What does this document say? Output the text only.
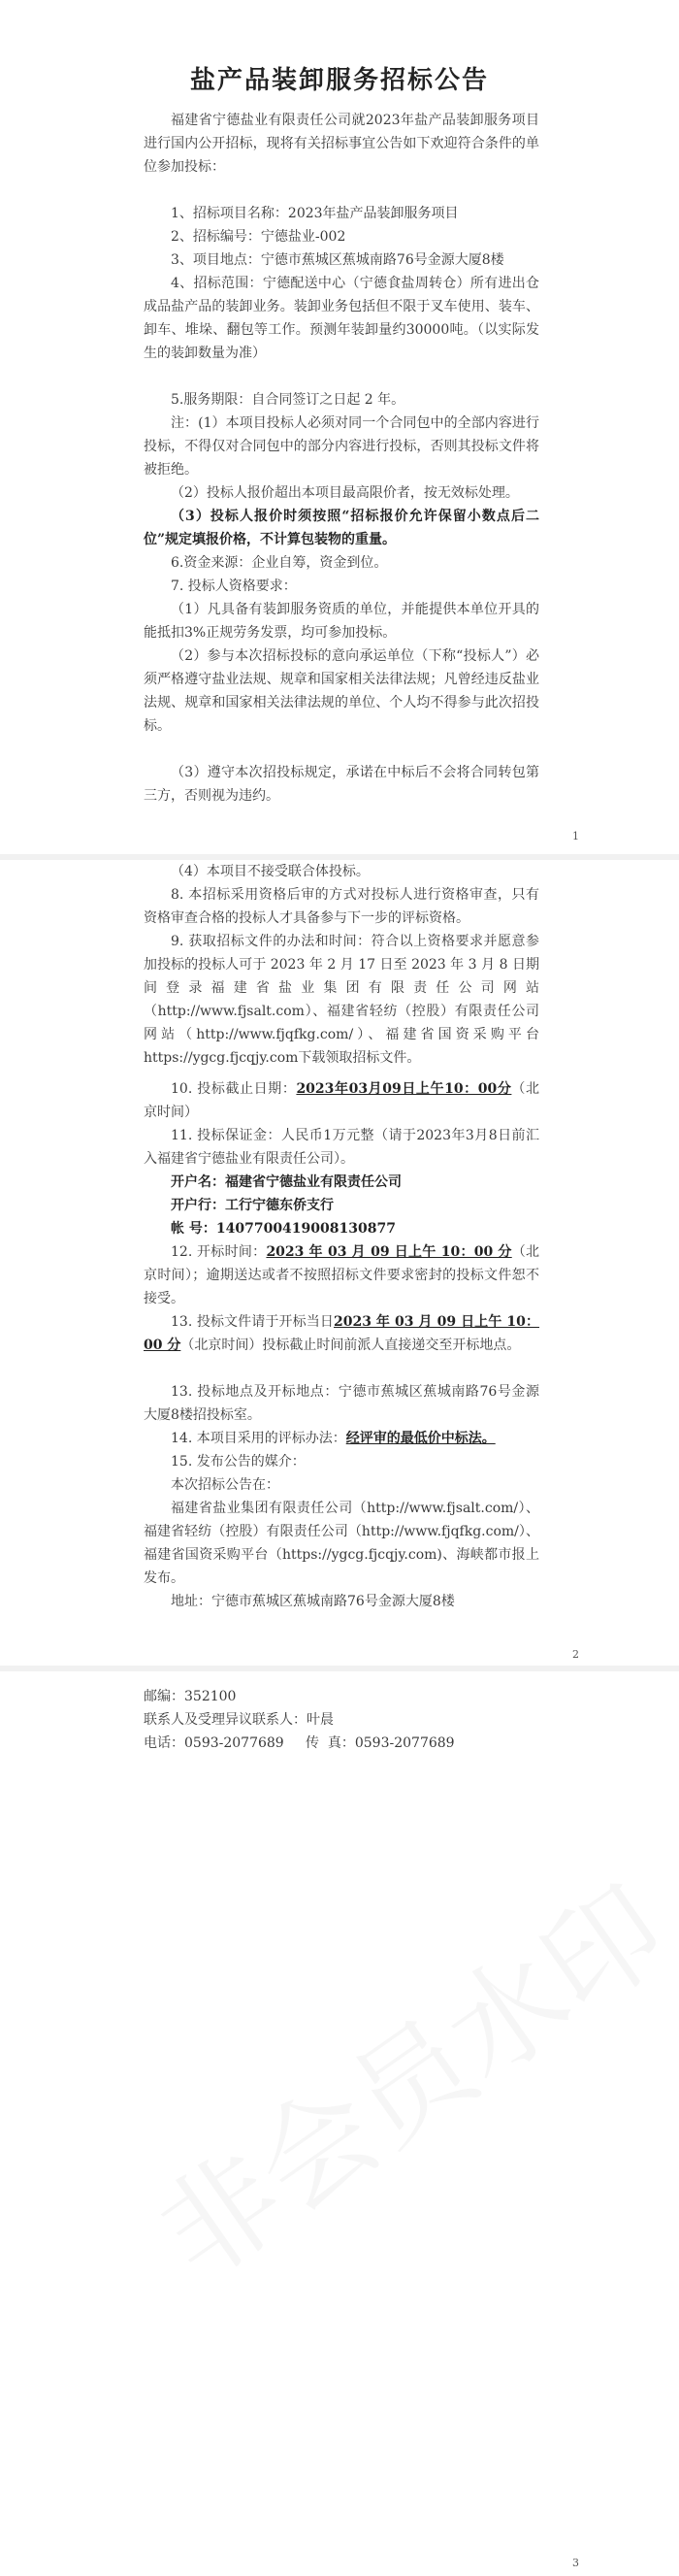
盐产品装卸服务招标公告

福建省宁德盐业有限责任公司就2023年盐产品装卸服务项目进行国内公开招标，现将有关招标事宜公告如下欢迎符合条件的单位参加投标：

1、招标项目名称：2023年盐产品装卸服务项目

2、招标编号：宁德盐业-002

3、项目地点：宁德市蕉城区蕉城南路76号金源大厦8楼

4、招标范围：宁德配送中心（宁德食盐周转仓）所有进出仓成品盐产品的装卸业务。装卸业务包括但不限于叉车使用、装车、卸车、堆垛、翻包等工作。预测年装卸量约30000吨。（以实际发生的装卸数量为准）

5.服务期限：自合同签订之日起 2 年。

注：(1）本项目投标人必须对同一个合同包中的全部内容进行投标，不得仅对合同包中的部分内容进行投标，否则其投标文件将被拒绝。

（2）投标人报价超出本项目最高限价者，按无效标处理。

（3）投标人报价时须按照“招标报价允许保留小数点后二位”规定填报价格，不计算包装物的重量。

6.资金来源：企业自筹，资金到位。

7. 投标人资格要求：

（1）凡具备有装卸服务资质的单位，并能提供本单位开具的能抵扣3%正规劳务发票，均可参加投标。

（2）参与本次招标投标的意向承运单位（下称“投标人”）必须严格遵守盐业法规、规章和国家相关法律法规；凡曾经违反盐业法规、规章和国家相关法律法规的单位、个人均不得参与此次招投标。

（3）遵守本次招投标规定，承诺在中标后不会将合同转包第三方，否则视为违约。

1

（4）本项目不接受联合体投标。

8. 本招标采用资格后审的方式对投标人进行资格审查，只有资格审查合格的投标人才具备参与下一步的评标资格。

9. 获取招标文件的办法和时间：符合以上资格要求并愿意参加投标的投标人可于 2023 年 2 月 17 日至 2023 年 3 月 8 日期间登录福建省盐业集团有限责任公司网站（http://www.fjsalt.com）、福建省轻纺（控股）有限责任公司网站（http://www.fjqfkg.com/）、福建省国资采购平台https://ygcg.fjcqjy.com下载领取招标文件。

10. 投标截止日期：2023年03月09日上午10：00分（北京时间）

11. 投标保证金：人民币1万元整（请于2023年3月8日前汇入福建省宁德盐业有限责任公司）。

开户名：福建省宁德盐业有限责任公司

开户行：工行宁德东侨支行

帐 号：1407700419008130877

12. 开标时间：2023 年 03 月 09 日上午 10：00 分（北京时间）；逾期送达或者不按照招标文件要求密封的投标文件恕不接受。

13. 投标文件请于开标当日2023 年 03 月 09 日上午 10：00 分（北京时间）投标截止时间前派人直接递交至开标地点。

13. 投标地点及开标地点：宁德市蕉城区蕉城南路76号金源大厦8楼招投标室。

14. 本项目采用的评标办法：经评审的最低价中标法。

15. 发布公告的媒介：

本次招标公告在：

福建省盐业集团有限责任公司（http://www.fjsalt.com/）、福建省轻纺（控股）有限责任公司（http://www.fjqfkg.com/）、福建省国资采购平台（https://ygcg.fjcqjy.com)、海峡都市报上发布。

地址：宁德市蕉城区蕉城南路76号金源大厦8楼

2

邮编：352100

联系人及受理异议联系人：叶晨

电话：0593-2077689     传  真：0593-2077689

3
